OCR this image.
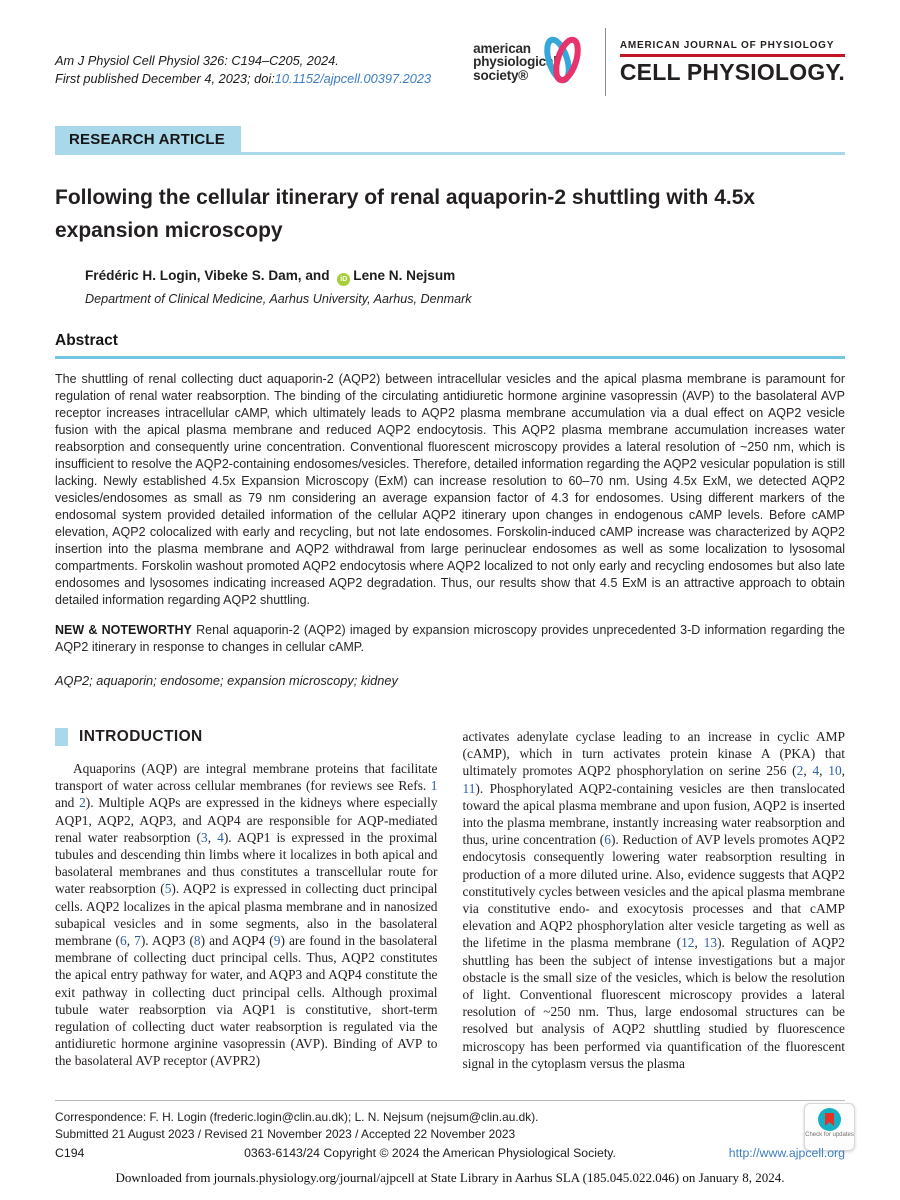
Am J Physiol Cell Physiol 326: C194–C205, 2024.
First published December 4, 2023; doi:10.1152/ajpcell.00397.2023
american
physiological
society®
AMERICAN JOURNAL OF PHYSIOLOGY
CELL PHYSIOLOGY.
RESEARCH ARTICLE
Following the cellular itinerary of renal aquaporin-2 shuttling with 4.5x expansion microscopy

Frédéric H. Login, Vibeke S. Dam, and iD Lene N. Nejsum

Department of Clinical Medicine, Aarhus University, Aarhus, Denmark

Abstract

The shuttling of renal collecting duct aquaporin-2 (AQP2) between intracellular vesicles and the apical plasma membrane is paramount for regulation of renal water reabsorption. The binding of the circulating antidiuretic hormone arginine vasopressin (AVP) to the basolateral AVP receptor increases intracellular cAMP, which ultimately leads to AQP2 plasma membrane accumulation via a dual effect on AQP2 vesicle fusion with the apical plasma membrane and reduced AQP2 endocytosis. This AQP2 plasma membrane accumulation increases water reabsorption and consequently urine concentration. Conventional fluorescent microscopy provides a lateral resolution of ~250 nm, which is insufficient to resolve the AQP2-containing endosomes/vesicles. Therefore, detailed information regarding the AQP2 vesicular population is still lacking. Newly established 4.5x Expansion Microscopy (ExM) can increase resolution to 60–70 nm. Using 4.5x ExM, we detected AQP2 vesicles/endosomes as small as 79 nm considering an average expansion factor of 4.3 for endosomes. Using different markers of the endosomal system provided detailed information of the cellular AQP2 itinerary upon changes in endogenous cAMP levels. Before cAMP elevation, AQP2 colocalized with early and recycling, but not late endosomes. Forskolin-induced cAMP increase was characterized by AQP2 insertion into the plasma membrane and AQP2 withdrawal from large perinuclear endosomes as well as some localization to lysosomal compartments. Forskolin washout promoted AQP2 endocytosis where AQP2 localized to not only early and recycling endosomes but also late endosomes and lysosomes indicating increased AQP2 degradation. Thus, our results show that 4.5 ExM is an attractive approach to obtain detailed information regarding AQP2 shuttling.

NEW & NOTEWORTHY Renal aquaporin-2 (AQP2) imaged by expansion microscopy provides unprecedented 3-D information regarding the AQP2 itinerary in response to changes in cellular cAMP.

AQP2; aquaporin; endosome; expansion microscopy; kidney

INTRODUCTION

Aquaporins (AQP) are integral membrane proteins that facilitate transport of water across cellular membranes (for reviews see Refs. 1 and 2). Multiple AQPs are expressed in the kidneys where especially AQP1, AQP2, AQP3, and AQP4 are responsible for AQP-mediated renal water reabsorption (3, 4). AQP1 is expressed in the proximal tubules and descending thin limbs where it localizes in both apical and basolateral membranes and thus constitutes a transcellular route for water reabsorption (5). AQP2 is expressed in collecting duct principal cells. AQP2 localizes in the apical plasma membrane and in nanosized subapical vesicles and in some segments, also in the basolateral membrane (6, 7). AQP3 (8) and AQP4 (9) are found in the basolateral membrane of collecting duct principal cells. Thus, AQP2 constitutes the apical entry pathway for water, and AQP3 and AQP4 constitute the exit pathway in collecting duct principal cells. Although proximal tubule water reabsorption via AQP1 is constitutive, short-term regulation of collecting duct water reabsorption is regulated via the antidiuretic hormone arginine vasopressin (AVP). Binding of AVP to the basolateral AVP receptor (AVPR2)

activates adenylate cyclase leading to an increase in cyclic AMP (cAMP), which in turn activates protein kinase A (PKA) that ultimately promotes AQP2 phosphorylation on serine 256 (2, 4, 10, 11). Phosphorylated AQP2-containing vesicles are then translocated toward the apical plasma membrane and upon fusion, AQP2 is inserted into the plasma membrane, instantly increasing water reabsorption and thus, urine concentration (6). Reduction of AVP levels promotes AQP2 endocytosis consequently lowering water reabsorption resulting in production of a more diluted urine. Also, evidence suggests that AQP2 constitutively cycles between vesicles and the apical plasma membrane via constitutive endo- and exocytosis processes and that cAMP elevation and AQP2 phosphorylation alter vesicle targeting as well as the lifetime in the plasma membrane (12, 13). Regulation of AQP2 shuttling has been the subject of intense investigations but a major obstacle is the small size of the vesicles, which is below the resolution of light. Conventional fluorescent microscopy provides a lateral resolution of ~250 nm. Thus, large endosomal structures can be resolved but analysis of AQP2 shuttling studied by fluorescence microscopy has been performed via quantification of the fluorescent signal in the cytoplasm versus the plasma

Correspondence: F. H. Login (frederic.login@clin.au.dk); L. N. Nejsum (nejsum@clin.au.dk).
Submitted 21 August 2023 / Revised 21 November 2023 / Accepted 22 November 2023	Check for updates
C194	0363-6143/24 Copyright © 2024 the American Physiological Society.	http://www.ajpcell.org
Downloaded from journals.physiology.org/journal/ajpcell at State Library in Aarhus SLA (185.045.022.046) on January 8, 2024.
